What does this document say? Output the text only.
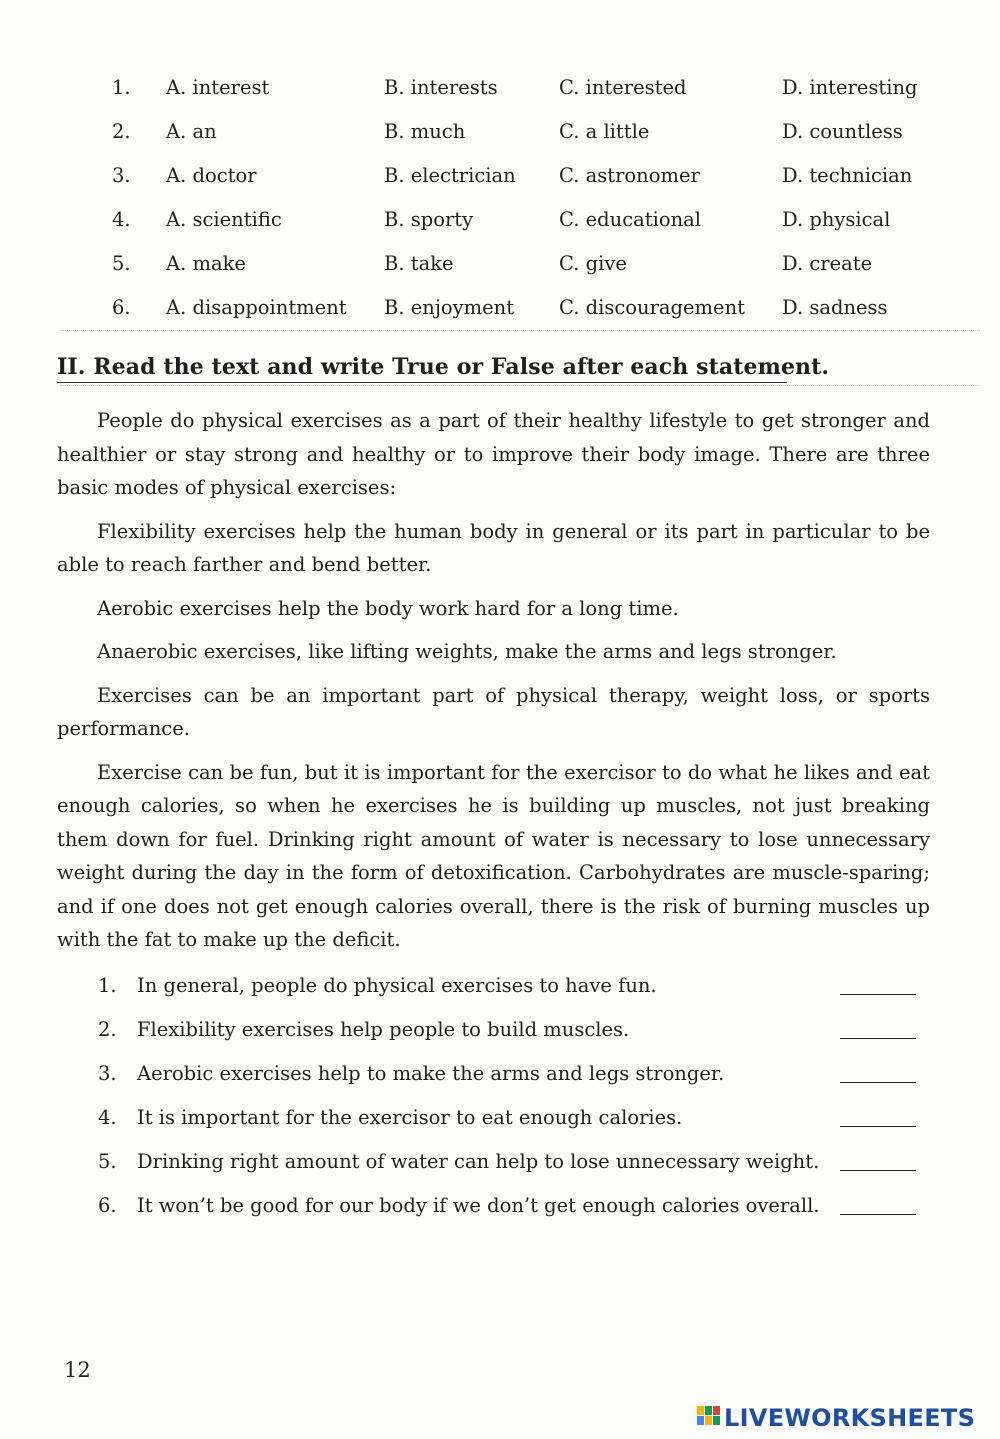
1. A. interest	B. interests	C. interested	D. interesting
2. A. an	B. much	C. a little	D. countless
3. A. doctor	B. electrician C. astronomer	D. technician
4. A. scientific	B. sporty	C. educational	D. physical
5. A. make	B. take	C. give	D. create
6. A. disappointment B. enjoyment C. discouragement D. sadness
II. Read the text and write True or False after each statement.

People do physical exercises as a part of their healthy lifestyle to get stronger and healthier or stay strong and healthy or to improve their body image. There are three basic modes of physical exercises:

Flexibility exercises help the human body in general or its part in particular to be able to reach farther and bend better.

Aerobic exercises help the body work hard for a long time.

Anaerobic exercises, like lifting weights, make the arms and legs stronger.

Exercises can be an important part of physical therapy, weight loss, or sports performance.

Exercise can be fun, but it is important for the exercisor to do what he likes and eat enough calories, so when he exercises he is building up muscles, not just breaking them down for fuel. Drinking right amount of water is necessary to lose unnecessary weight during the day in the form of detoxification. Carbohydrates are muscle-sparing; and if one does not get enough calories overall, there is the risk of burning muscles up with the fat to make up the deficit.

1. In general, people do physical exercises to have fun.
2. Flexibility exercises help people to build muscles.
3. Aerobic exercises help to make the arms and legs stronger.
4. It is important for the exercisor to eat enough calories.
5. Drinking right amount of water can help to lose unnecessary weight.
6. It won’t be good for our body if we don’t get enough calories overall.
12
LIVEWORKSHEETS
